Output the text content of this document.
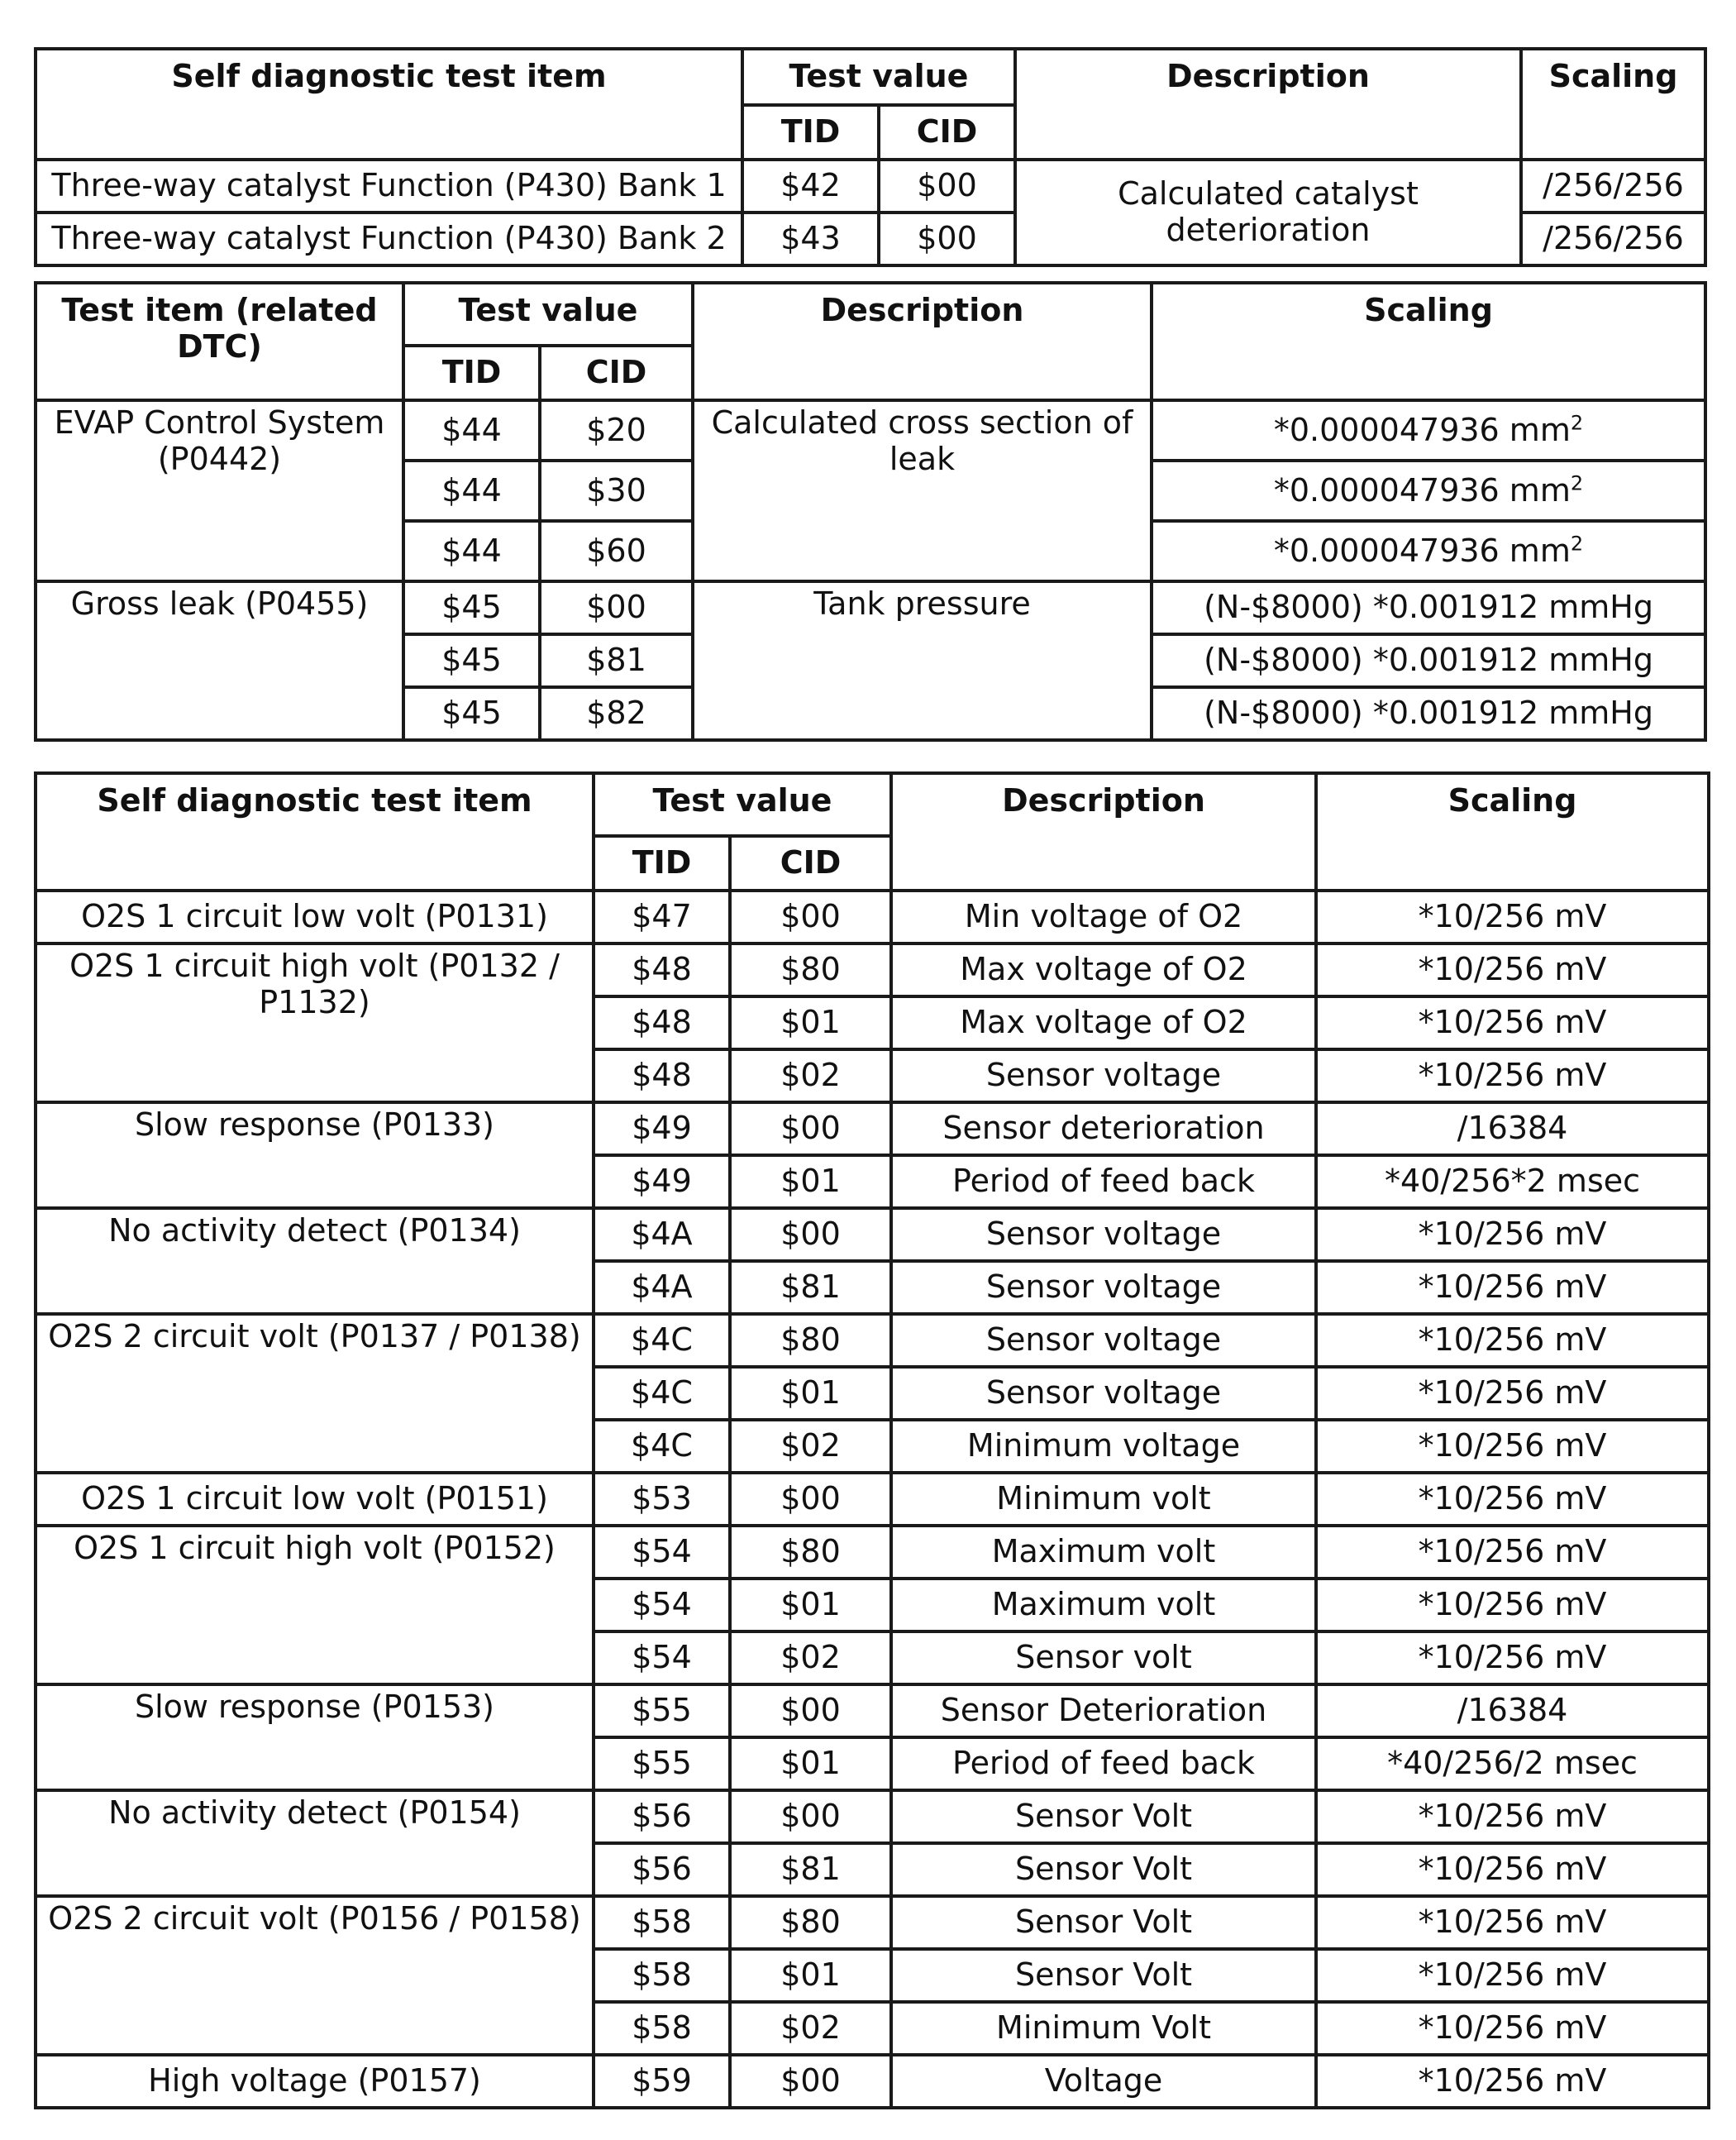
Self diagnostic test item	Test value		Description	Scaling
	TID	CID		
Three-way catalyst Function (P430) Bank 1	$42	$00	Calculated catalyst deterioration	/256/256
Three-way catalyst Function (P430) Bank 2	$43	$00		/256/256
Test item (related DTC)	Test value		Description	Scaling
	TID	CID		
EVAP Control System (P0442)	$44	$20	Calculated cross section of leak	*0.000047936 $mm^2$
	$44	$30		*0.000047936 $mm^2$
	$44	$60		*0.000047936 $mm^2$
Gross leak (P0455)	$45	$00	Tank pressure	(N-$8000) *0.001912 mmHg
	$45	$81		(N-$8000) *0.001912 mmHg
	$45	$82		(N-$8000) *0.001912 mmHg
Self diagnostic test item	Test value		Description	Scaling
	TID	CID		
O2S 1 circuit low volt (P0131)	$47	$00	Min voltage of O2	*10/256 mV
O2S 1 circuit high volt (P0132 / P1132)	$48	$80	Max voltage of O2	*10/256 mV
	$48	$01	Max voltage of O2	*10/256 mV
	$48	$02	Sensor voltage	*10/256 mV
Slow response (P0133)	$49	$00	Sensor deterioration	/16384
	$49	$01	Period of feed back	*40/256*2 msec
No activity detect (P0134)	$4A	$00	Sensor voltage	*10/256 mV
	$4A	$81	Sensor voltage	*10/256 mV
O2S 2 circuit volt (P0137 / P0138)	$4C	$80	Sensor voltage	*10/256 mV
	$4C	$01	Sensor voltage	*10/256 mV
	$4C	$02	Minimum voltage	*10/256 mV
O2S 1 circuit low volt (P0151)	$53	$00	Minimum volt	*10/256 mV
O2S 1 circuit high volt (P0152)	$54	$80	Maximum volt	*10/256 mV
	$54	$01	Maximum volt	*10/256 mV
	$54	$02	Sensor volt	*10/256 mV
Slow response (P0153)	$55	$00	Sensor Deterioration	/16384
	$55	$01	Period of feed back	*40/256/2 msec
No activity detect (P0154)	$56	$00	Sensor Volt	*10/256 mV
	$56	$81	Sensor Volt	*10/256 mV
O2S 2 circuit volt (P0156 / P0158)	$58	$80	Sensor Volt	*10/256 mV
	$58	$01	Sensor Volt	*10/256 mV
	$58	$02	Minimum Volt	*10/256 mV
High voltage (P0157)	$59	$00	Voltage	*10/256 mV
